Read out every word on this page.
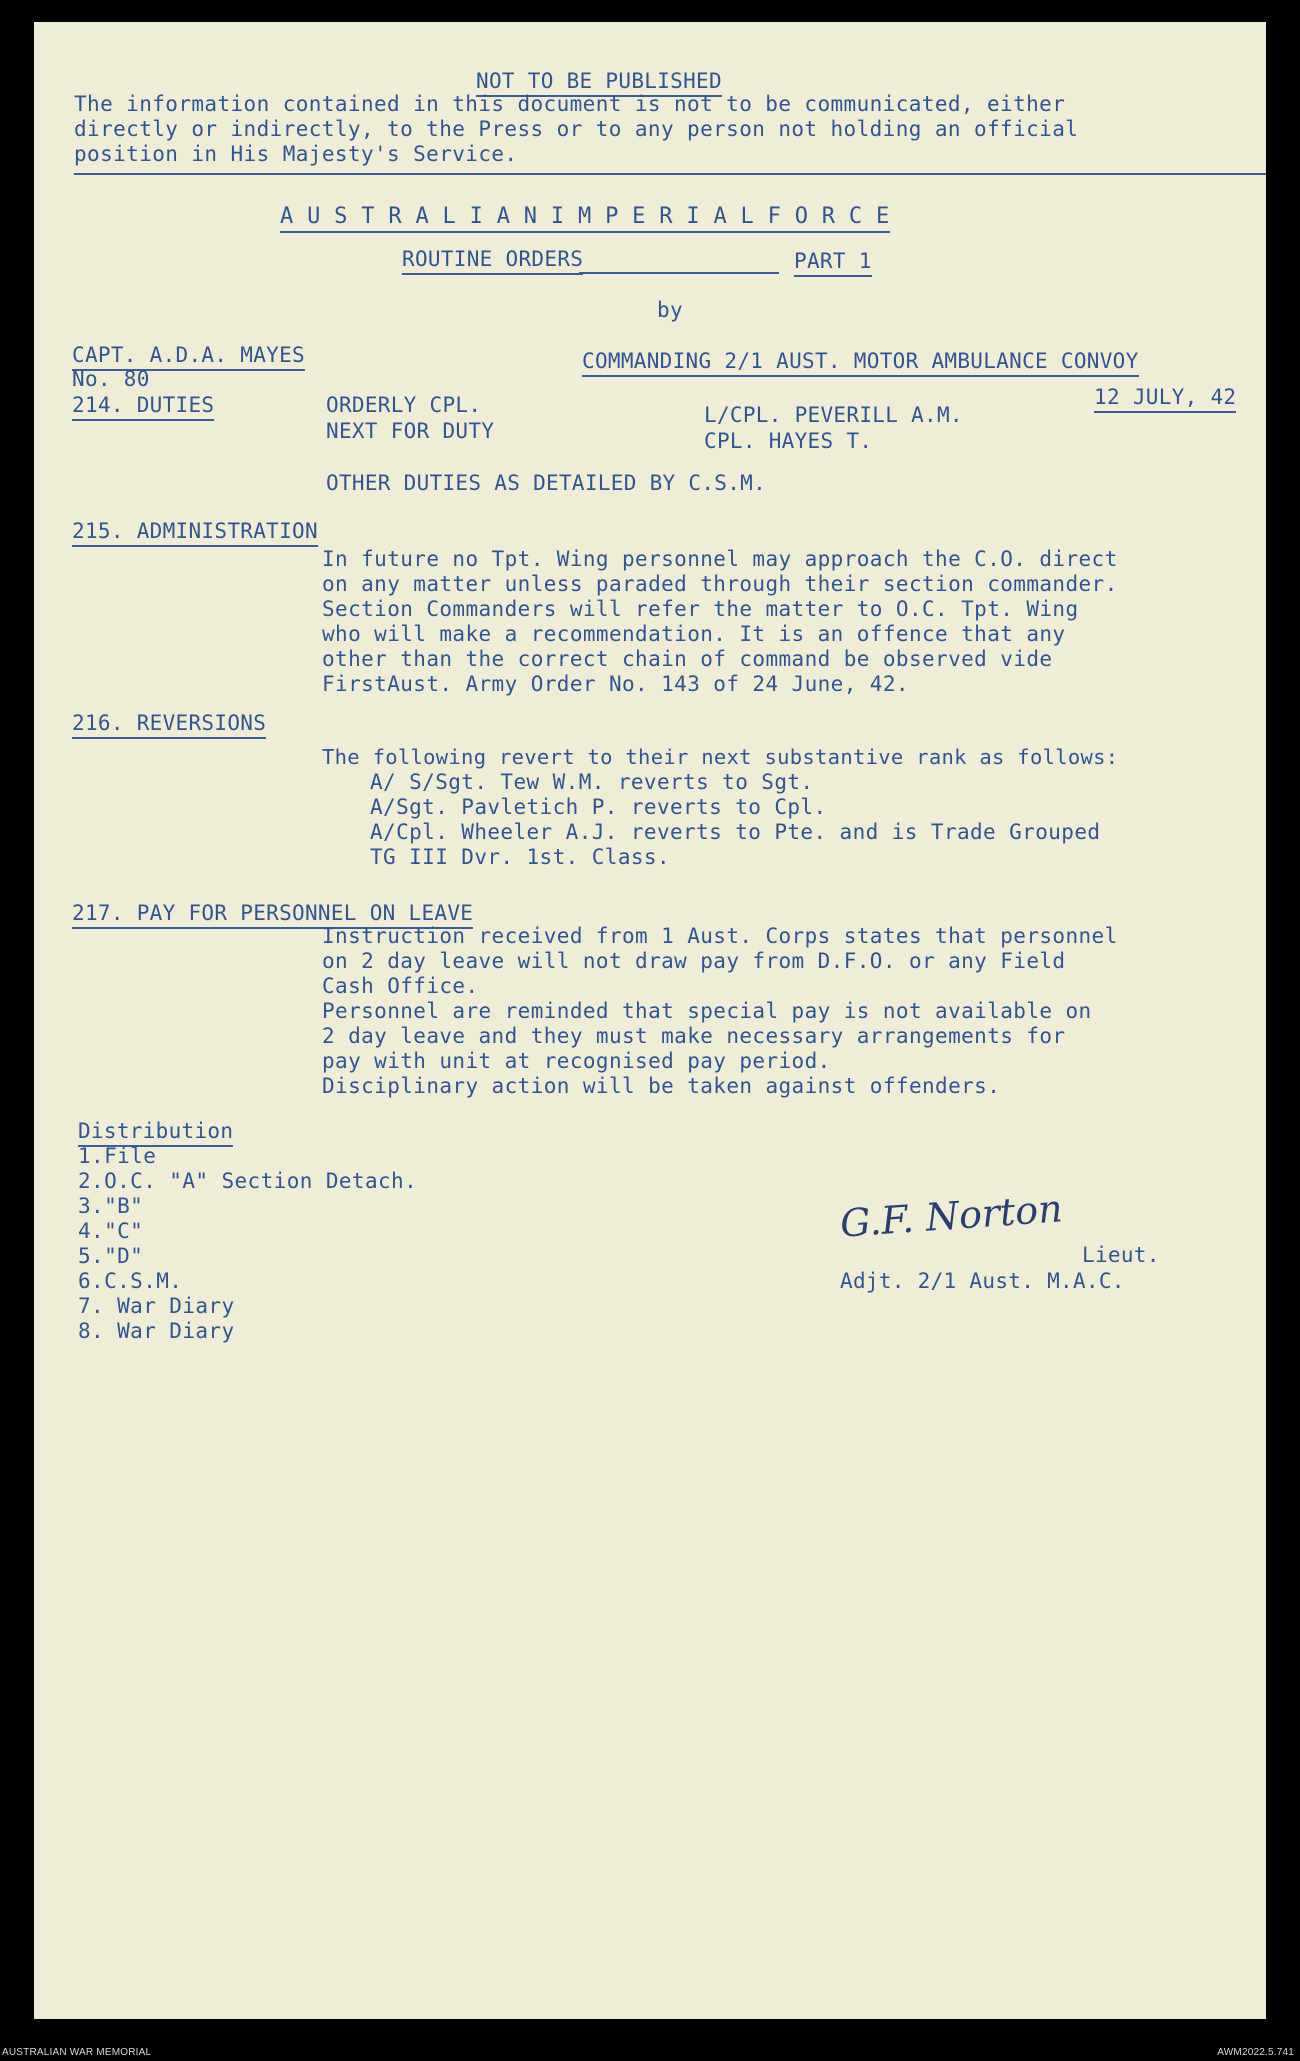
NOT TO BE PUBLISHED
The information contained in this document is not to be communicated, either
directly or indirectly, to the Press or to any person not holding an official
position in His Majesty's Service.
A U S T R A L I A N I M P E R I A L F O R C E
ROUTINE ORDERS	PART 1
by
CAPT. A.D.A. MAYES	COMMANDING 2/1 AUST. MOTOR AMBULANCE CONVOY
No. 80
12 JULY, 42
214. DUTIES	ORDERLY CPL.	L/CPL. PEVERILL A.M.
NEXT FOR DUTY	CPL. HAYES T.
OTHER DUTIES AS DETAILED BY C.S.M.
215. ADMINISTRATION
In future no Tpt. Wing personnel may approach the C.O. direct
on any matter unless paraded through their section commander.
Section Commanders will refer the matter to O.C. Tpt. Wing
who will make a recommendation. It is an offence that any
other than the correct chain of command be observed vide
FirstAust. Army Order No. 143 of 24 June, 42.
216. REVERSIONS
The following revert to their next substantive rank as follows:
A/ S/Sgt. Tew W.M. reverts to Sgt.
A/Sgt. Pavletich P. reverts to Cpl.
A/Cpl. Wheeler A.J. reverts to Pte. and is Trade Grouped
TG III Dvr. 1st. Class.
217. PAY FOR PERSONNEL ON LEAVE
Instruction received from 1 Aust. Corps states that personnel
on 2 day leave will not draw pay from D.F.O. or any Field
Cash Office.
Personnel are reminded that special pay is not available on
2 day leave and they must make necessary arrangements for
pay with unit at recognised pay period.
Disciplinary action will be taken against offenders.
Distribution
1.File
2.O.C. "A" Section Detach.
3."B"
4."C"
5."D"
6.C.S.M.
7. War Diary
8. War Diary
G.F. Norton
Lieut.
Adjt. 2/1 Aust. M.A.C.
AUSTRALIAN WAR MEMORIAL	AWM2022.5.741
